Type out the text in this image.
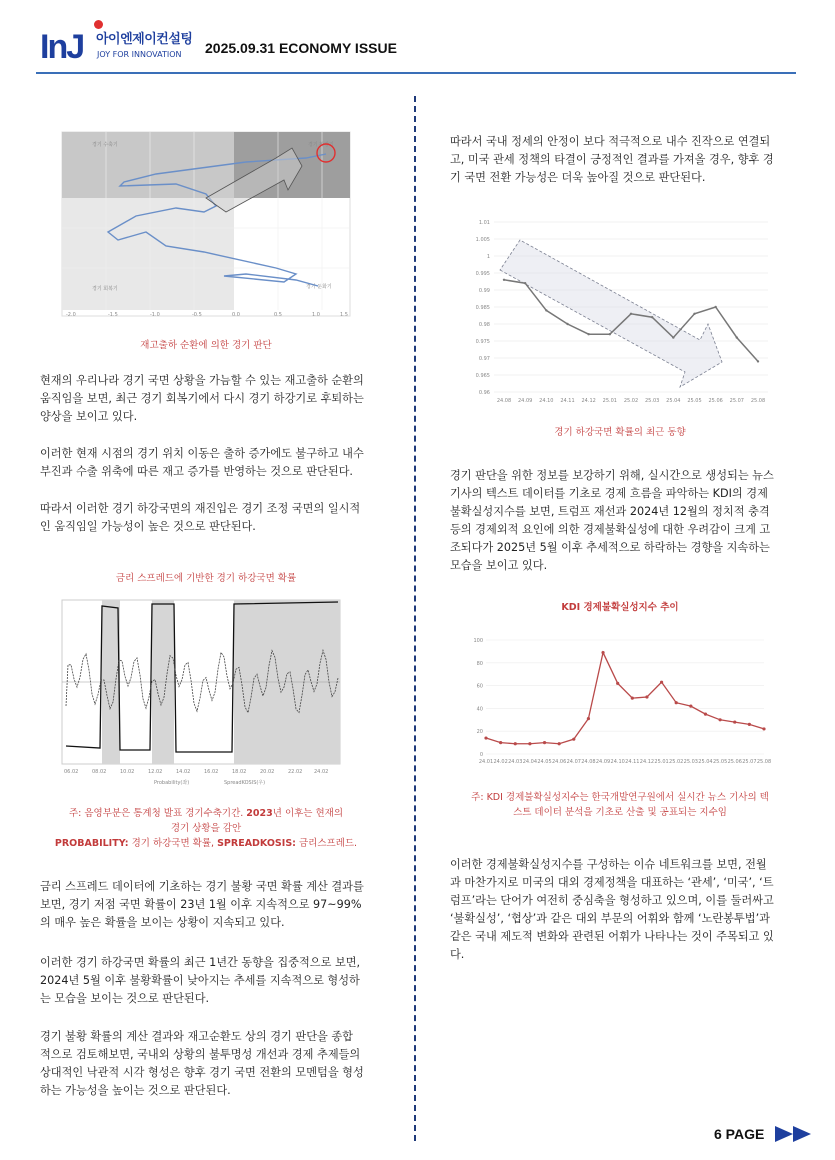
InJ 아이엔제이컨설팅
JOY FOR INNOVATION 2025.09.31 ECONOMY ISSUE
경기 수축기	경기 확장기
경기 회복기	경기 둔화기
-2.0	-1.5	-1.0	-0.5	0.0	0.5	1.0	1.5
재고출하 순환에 의한 경기 판단
현재의 우리나라 경기 국면 상황을 가늠할 수 있는 재고출하 순환의
움직임을 보면, 최근 경기 회복기에서 다시 경기 하강기로 후퇴하는
양상을 보이고 있다.
이러한 현재 시점의 경기 위치 이동은 출하 증가에도 불구하고 내수
부진과 수출 위축에 따른 재고 증가를 반영하는 것으로 판단된다.
따라서 이러한 경기 하강국면의 재진입은 경기 조정 국면의 일시적
인 움직임일 가능성이 높은 것으로 판단된다.
금리 스프레드에 기반한 경기 하강국면 확률
06.02	08.02	10.02	12.02	14.02	16.02	18.02	20.02	22.02 24.02
Probability(좌)	SpreadKOSIS(우)
주: 음영부분은 통계청 발표 경기수축기간. 2023년 이후는 현재의
경기 상황을 감안
PROBABILITY: 경기 하강국면 확률, SPREADKOSIS: 금리스프레드.
금리 스프레드 데이터에 기초하는 경기 불황 국면 확률 계산 결과를
보면, 경기 저점 국면 확률이 23년 1월 이후 지속적으로 97~99%
의 매우 높은 확률을 보이는 상황이 지속되고 있다.
이러한 경기 하강국면 확률의 최근 1년간 동향을 집중적으로 보면,
2024년 5월 이후 불황확률이 낮아지는 추세를 지속적으로 형성하
는 모습을 보이는 것으로 판단된다.
경기 불황 확률의 계산 결과와 재고순환도 상의 경기 판단을 종합
적으로 검토해보면, 국내외 상황의 불투명성 개선과 경제 추제들의
상대적인 낙관적 시각 형성은 향후 경기 국면 전환의 모멘텀을 형성
하는 가능성을 높이는 것으로 판단된다.
따라서 국내 정세의 안정이 보다 적극적으로 내수 진작으로 연결되
고, 미국 관세 정책의 타결이 긍정적인 결과를 가져올 경우, 향후 경
기 국면 전환 가능성은 더욱 높아질 것으로 판단된다.
0.96
0.965
0.97
0.975
0.98
0.985
0.99
0.995
1
1.005
1.01
24.08 24.09 24.10 24.11 24.12 25.01 25.02 25.03 25.04 25.05 25.06 25.07 25.08
경기 하강국면 확률의 최근 동향
경기 판단을 위한 정보를 보강하기 위해, 실시간으로 생성되는 뉴스
기사의 텍스트 데이터를 기초로 경제 흐름을 파악하는 KDI의 경제
불확실성지수를 보면, 트럼프 재선과 2024년 12월의 정치적 충격
등의 경제외적 요인에 의한 경제불확실성에 대한 우려감이 크게 고
조되다가 2025년 5월 이후 추세적으로 하락하는 경향을 지속하는
모습을 보이고 있다.
KDI 경제불확실성지수 추이
0
20
40
60
80
100
24.01 24.02 24.03 24.04 24.05 24.06 24.07 24.08 24.09 24.10 24.11 24.12 25.01 25.02 25.03 25.04 25.05 25.06 25.07 25.08
주: KDI 경제불확실성지수는 한국개발연구원에서 실시간 뉴스 기사의 텍
스트 데이터 분석을 기초로 산출 및 공표되는 지수임
이러한 경제불확실성지수를 구성하는 이슈 네트워크를 보면, 전월
과 마찬가지로 미국의 대외 경제정책을 대표하는 ‘관세’, ‘미국’, ‘트
럼프’라는 단어가 여전히 중심축을 형성하고 있으며, 이를 둘러싸고
‘불확실성’, ‘협상’과 같은 대외 부문의 어휘와 함께 ‘노란봉투법’과
같은 국내 제도적 변화와 관련된 어휘가 나타나는 것이 주목되고 있
다.
6 PAGE
